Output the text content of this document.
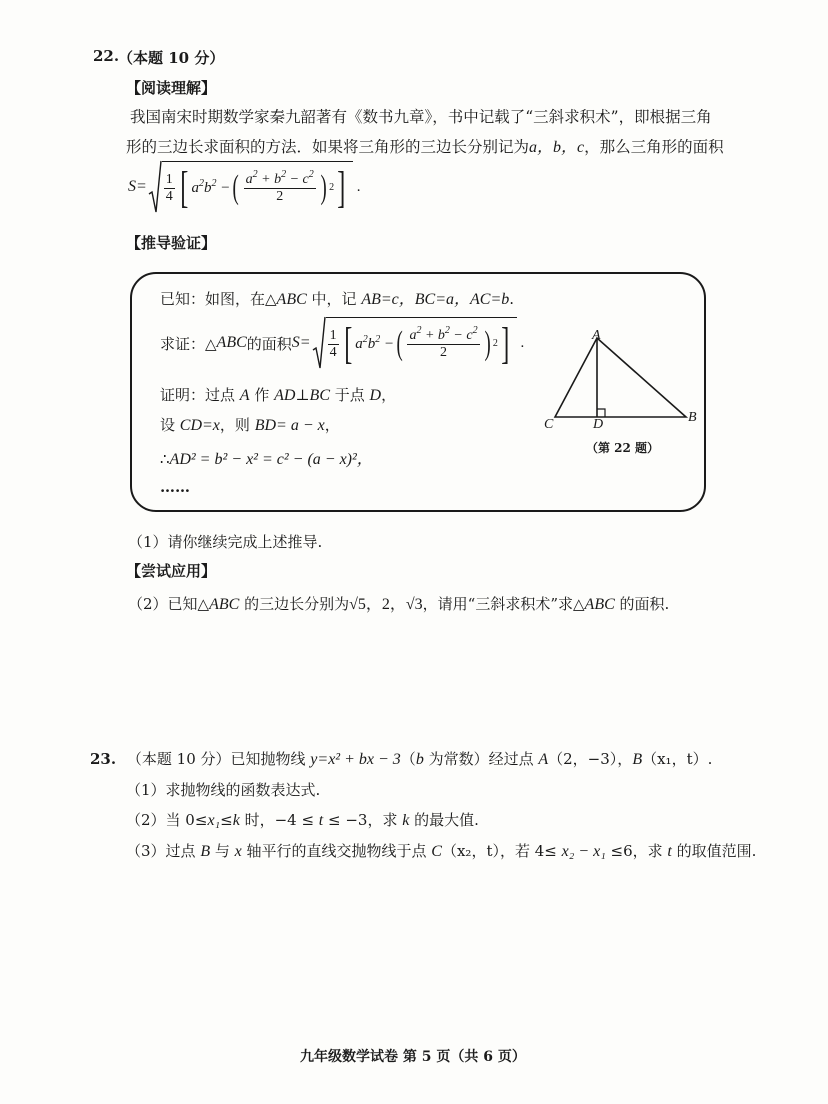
22.
（本题 10 分）
【阅读理解】
我国南宋时期数学家秦九韶著有《数书九章》，书中记载了“三斜求积术”，即根据三角
形的三边长求面积的方法．如果将三角形的三边长分别记为a，b，c，那么三角形的面积
$S= \frac{1}{4}$ [ $a^2b^2$ − ( $\frac{a^2 + b^2 - c^2}{2}$ ) 2 ] .
【推导验证】
已知：如图，在△ABC 中，记 AB=c，BC=a，AC=b.
求证：△ ABC 的面积 $S= \frac{1}{4}$ [ $a^2b^2$ − ( $\frac{a^2 + b^2 - c^2}{2}$ ) 2 ] .
证明：过点 A 作 AD⊥BC 于点 D，
设 CD=x，则 BD= a − x，
∴AD² = b² − x² = c² − (a − x)²，
……
A
B
C	D
（第 22 题）
（1）请你继续完成上述推导.
【尝试应用】
（2）已知△ABC 的三边长分别为√5，2，√3，请用“三斜求积术”求△ABC 的面积.
23. （本题 10 分）已知抛物线 y=x² + bx − 3（b 为常数）经过点 A（2，−3），B（x₁，t）.
（1）求抛物线的函数表达式.
（2）当 0≤x₁≤k 时，−4 ≤ t ≤ −3，求 k 的最大值.
（3）过点 B 与 x 轴平行的直线交抛物线于点 C（x₂，t），若 4≤ x₂ − x₁ ≤6，求 t 的取值范围.
九年级数学试卷 第 5 页（共 6 页）
